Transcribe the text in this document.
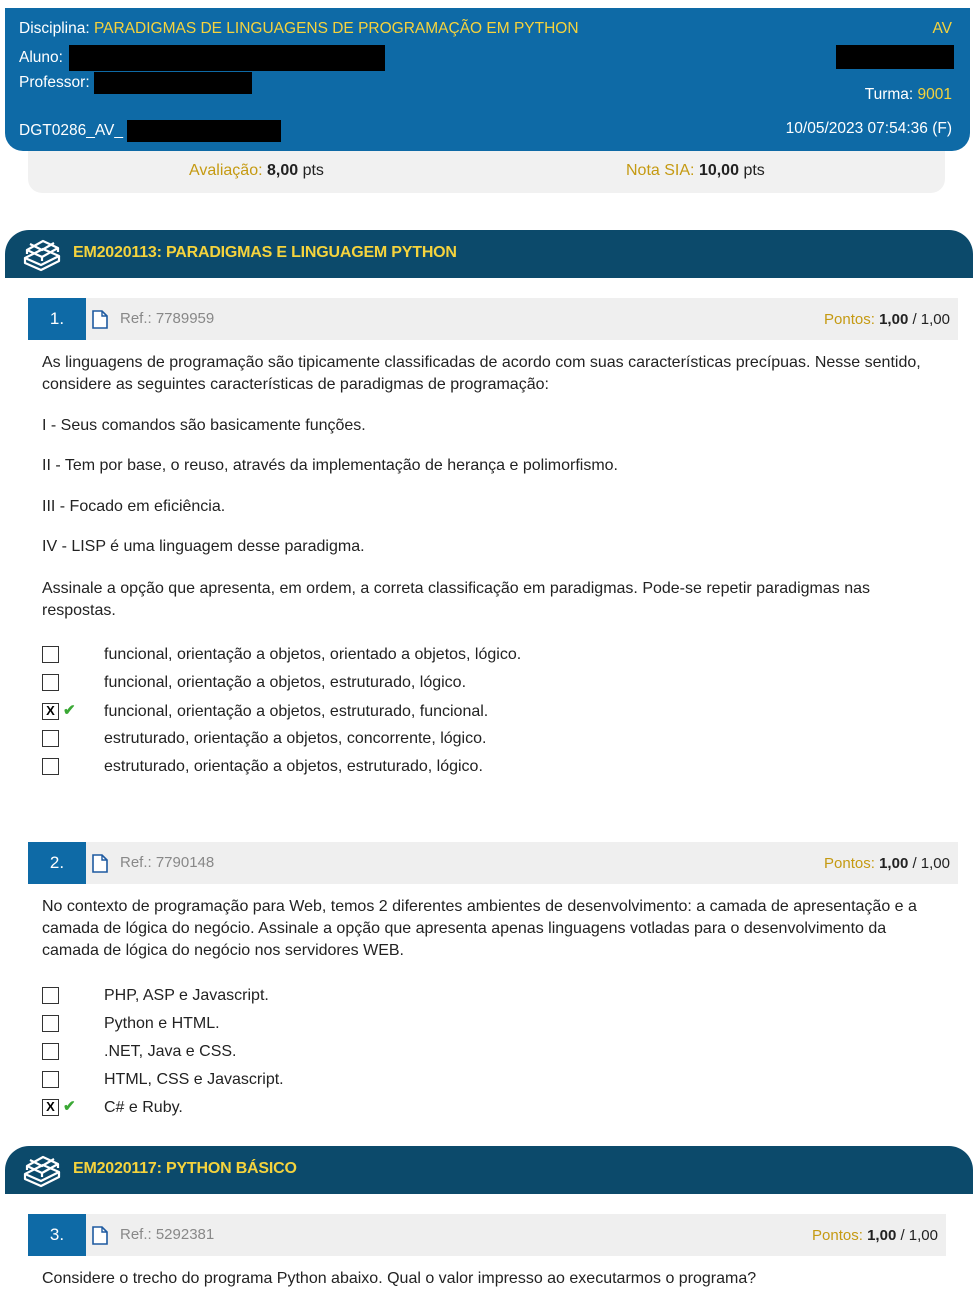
Disciplina: PARADIGMAS DE LINGUAGENS DE PROGRAMAÇÃO EM PYTHON	AV
Aluno:
Professor:
Turma: 9001
DGT0286_AV_	10/05/2023 07:54:36 (F)
Avaliação: 8,00 pts	Nota SIA: 10,00 pts
EM2020113: PARADIGMAS E LINGUAGEM PYTHON
1.	Ref.: 7789959	Pontos: 1,00 / 1,00
As linguagens de programação são tipicamente classificadas de acordo com suas características precípuas. Nesse sentido, considere as seguintes características de paradigmas de programação:
I - Seus comandos são basicamente funções.
II - Tem por base, o reuso, através da implementação de herança e polimorfismo.
III - Focado em eficiência.
IV - LISP é uma linguagem desse paradigma.
Assinale a opção que apresenta, em ordem, a correta classificação em paradigmas. Pode-se repetir paradigmas nas respostas.
funcional, orientação a objetos, orientado a objetos, lógico.
funcional, orientação a objetos, estruturado, lógico.
X ✔ funcional, orientação a objetos, estruturado, funcional.
estruturado, orientação a objetos, concorrente, lógico.
estruturado, orientação a objetos, estruturado, lógico.
2.	Ref.: 7790148	Pontos: 1,00 / 1,00
No contexto de programação para Web, temos 2 diferentes ambientes de desenvolvimento: a camada de apresentação e a camada de lógica do negócio. Assinale a opção que apresenta apenas linguagens votladas para o desenvolvimento da camada de lógica do negócio nos servidores WEB.
PHP, ASP e Javascript.
Python e HTML.
.NET, Java e CSS.
HTML, CSS e Javascript.
X ✔ C# e Ruby.
EM2020117: PYTHON BÁSICO
3.	Ref.: 5292381	Pontos: 1,00 / 1,00
Considere o trecho do programa Python abaixo. Qual o valor impresso ao executarmos o programa?
